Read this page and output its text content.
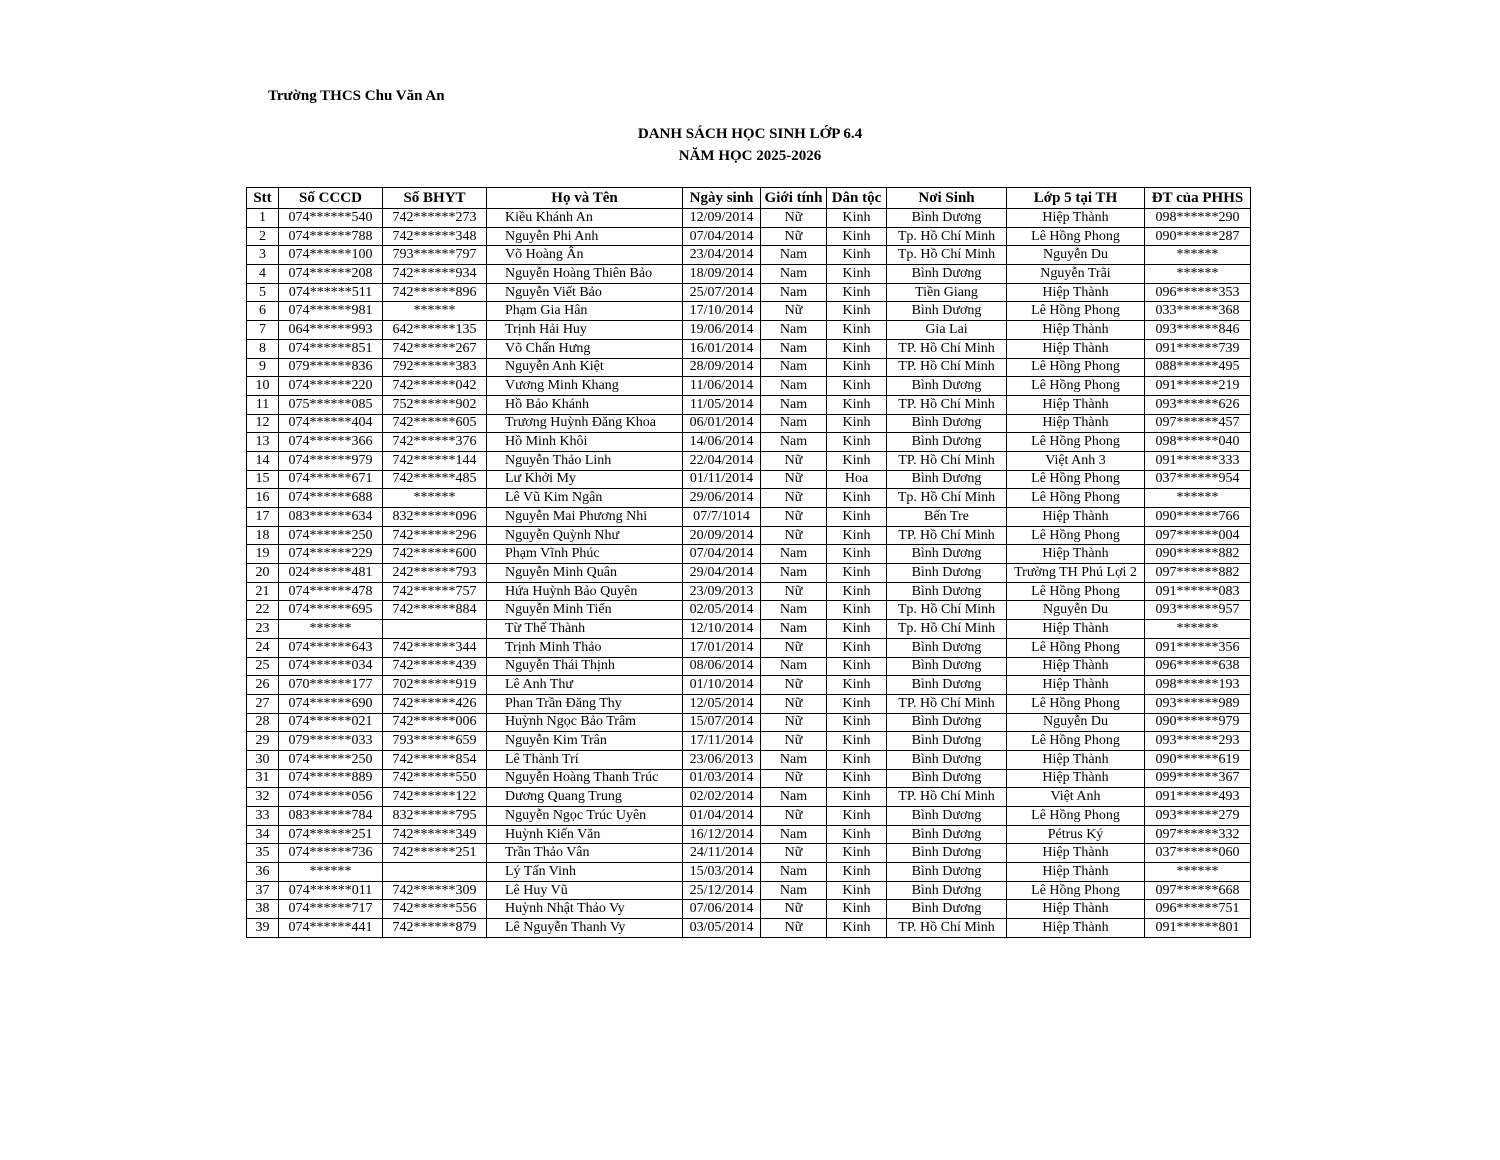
Trường THCS Chu Văn An
DANH SÁCH HỌC SINH LỚP 6.4
NĂM HỌC 2025-2026
Stt	Số CCCD	Số BHYT	Họ và Tên	Ngày sinh	Giới tính	Dân tộc	Nơi Sinh	Lớp 5 tại TH	ĐT của PHHS
1	074******540	742******273	Kiều Khánh An	12/09/2014	Nữ	Kinh	Bình Dương	Hiệp Thành	098******290
2	074******788	742******348	Nguyễn Phi Anh	07/04/2014	Nữ	Kinh	Tp. Hồ Chí Minh	Lê Hồng Phong	090******287
3	074******100	793******797	Võ Hoàng Ân	23/04/2014	Nam	Kinh	Tp. Hồ Chí Minh	Nguyễn Du	******
4	074******208	742******934	Nguyễn Hoàng Thiên Bảo	18/09/2014	Nam	Kinh	Bình Dương	Nguyễn Trãi	******
5	074******511	742******896	Nguyễn Viết Bảo	25/07/2014	Nam	Kinh	Tiền Giang	Hiệp Thành	096******353
6	074******981	******	Phạm Gia Hân	17/10/2014	Nữ	Kinh	Bình Dương	Lê Hồng Phong	033******368
7	064******993	642******135	Trịnh Hải Huy	19/06/2014	Nam	Kinh	Gia Lai	Hiệp Thành	093******846
8	074******851	742******267	Võ Chấn Hưng	16/01/2014	Nam	Kinh	TP. Hồ Chí Minh	Hiệp Thành	091******739
9	079******836	792******383	Nguyễn Anh Kiệt	28/09/2014	Nam	Kinh	TP. Hồ Chí Minh	Lê Hồng Phong	088******495
10	074******220	742******042	Vương Minh Khang	11/06/2014	Nam	Kinh	Bình Dương	Lê Hồng Phong	091******219
11	075******085	752******902	Hồ Bảo Khánh	11/05/2014	Nam	Kinh	TP. Hồ Chí Minh	Hiệp Thành	093******626
12	074******404	742******605	Trương Huỳnh Đăng Khoa	06/01/2014	Nam	Kinh	Bình Dương	Hiệp Thành	097******457
13	074******366	742******376	Hồ Minh Khôi	14/06/2014	Nam	Kinh	Bình Dương	Lê Hồng Phong	098******040
14	074******979	742******144	Nguyễn Thảo Linh	22/04/2014	Nữ	Kinh	TP. Hồ Chí Minh	Việt Anh 3	091******333
15	074******671	742******485	Lư Khởi My	01/11/2014	Nữ	Hoa	Bình Dương	Lê Hồng Phong	037******954
16	074******688	******	Lê Vũ Kim Ngân	29/06/2014	Nữ	Kinh	Tp. Hồ Chí Minh	Lê Hồng Phong	******
17	083******634	832******096	Nguyễn Mai Phương Nhi	07/7/1014	Nữ	Kinh	Bến Tre	Hiệp Thành	090******766
18	074******250	742******296	Nguyễn Quỳnh Như	20/09/2014	Nữ	Kinh	TP. Hồ Chí Minh	Lê Hồng Phong	097******004
19	074******229	742******600	Phạm Vĩnh Phúc	07/04/2014	Nam	Kinh	Bình Dương	Hiệp Thành	090******882
20	024******481	242******793	Nguyễn Minh Quân	29/04/2014	Nam	Kinh	Bình Dương	Trường TH Phú Lợi 2	097******882
21	074******478	742******757	Hứa Huỳnh Bảo Quyên	23/09/2013	Nữ	Kinh	Bình Dương	Lê Hồng Phong	091******083
22	074******695	742******884	Nguyễn Minh Tiến	02/05/2014	Nam	Kinh	Tp. Hồ Chí Minh	Nguyễn Du	093******957
23	******		Từ Thế Thành	12/10/2014	Nam	Kinh	Tp. Hồ Chí Minh	Hiệp Thành	******
24	074******643	742******344	Trịnh Minh Thảo	17/01/2014	Nữ	Kinh	Bình Dương	Lê Hồng Phong	091******356
25	074******034	742******439	Nguyễn Thái Thịnh	08/06/2014	Nam	Kinh	Bình Dương	Hiệp Thành	096******638
26	070******177	702******919	Lê Anh Thư	01/10/2014	Nữ	Kinh	Bình Dương	Hiệp Thành	098******193
27	074******690	742******426	Phan Trần Đăng Thy	12/05/2014	Nữ	Kinh	TP. Hồ Chí Minh	Lê Hồng Phong	093******989
28	074******021	742******006	Huỳnh Ngọc Bảo Trâm	15/07/2014	Nữ	Kinh	Bình Dương	Nguyễn Du	090******979
29	079******033	793******659	Nguyễn Kim Trân	17/11/2014	Nữ	Kinh	Bình Dương	Lê Hồng Phong	093******293
30	074******250	742******854	Lê Thành Trí	23/06/2013	Nam	Kinh	Bình Dương	Hiệp Thành	090******619
31	074******889	742******550	Nguyễn Hoàng Thanh Trúc	01/03/2014	Nữ	Kinh	Bình Dương	Hiệp Thành	099******367
32	074******056	742******122	Dương Quang Trung	02/02/2014	Nam	Kinh	TP. Hồ Chí Minh	Việt Anh	091******493
33	083******784	832******795	Nguyễn Ngọc Trúc Uyên	01/04/2014	Nữ	Kinh	Bình Dương	Lê Hồng Phong	093******279
34	074******251	742******349	Huỳnh Kiến Văn	16/12/2014	Nam	Kinh	Bình Dương	Pétrus Ký	097******332
35	074******736	742******251	Trần Thảo Vân	24/11/2014	Nữ	Kinh	Bình Dương	Hiệp Thành	037******060
36	******		Lý Tấn Vinh	15/03/2014	Nam	Kinh	Bình Dương	Hiệp Thành	******
37	074******011	742******309	Lê Huy Vũ	25/12/2014	Nam	Kinh	Bình Dương	Lê Hồng Phong	097******668
38	074******717	742******556	Huỳnh Nhật Thảo Vy	07/06/2014	Nữ	Kinh	Bình Dương	Hiệp Thành	096******751
39	074******441	742******879	Lê Nguyễn Thanh Vy	03/05/2014	Nữ	Kinh	TP. Hồ Chí Minh	Hiệp Thành	091******801
